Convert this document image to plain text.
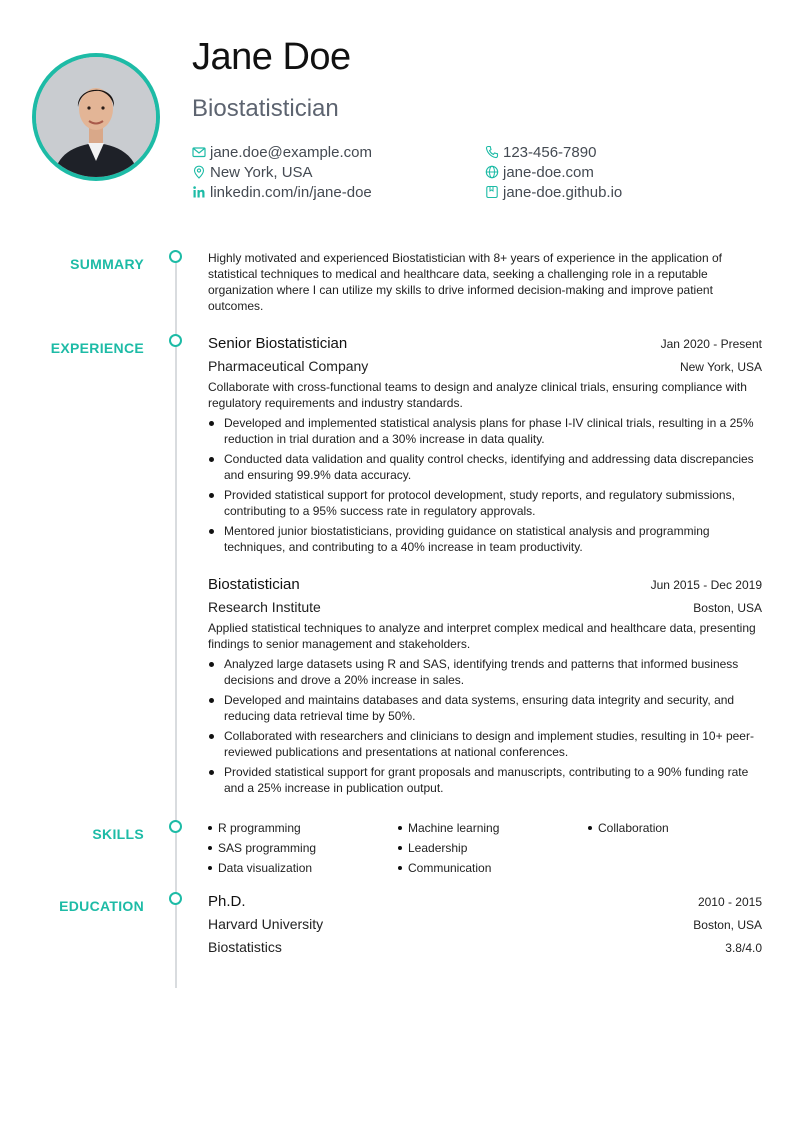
Jane Doe
Biostatistician
jane.doe@example.com	123-456-7890
New York, USA	jane-doe.com
linkedin.com/in/jane-doe	jane-doe.github.io
SUMMARY	Highly motivated and experienced Biostatistician with 8+ years of experience in the application of statistical techniques to medical and healthcare data, seeking a challenging role in a reputable organization where I can utilize my skills to drive informed decision-making and improve patient outcomes.
EXPERIENCE	Senior Biostatistician	Jan 2020 - Present
Pharmaceutical Company	New York, USA
Collaborate with cross-functional teams to design and analyze clinical trials, ensuring compliance with regulatory requirements and industry standards.
Developed and implemented statistical analysis plans for phase I-IV clinical trials, resulting in a 25% reduction in trial duration and a 30% increase in data quality.
Conducted data validation and quality control checks, identifying and addressing data discrepancies and ensuring 99.9% data accuracy.
Provided statistical support for protocol development, study reports, and regulatory submissions, contributing to a 95% success rate in regulatory approvals.
Mentored junior biostatisticians, providing guidance on statistical analysis and programming techniques, and contributing to a 40% increase in team productivity.
Biostatistician	Jun 2015 - Dec 2019
Research Institute	Boston, USA
Applied statistical techniques to analyze and interpret complex medical and healthcare data, presenting findings to senior management and stakeholders.
Analyzed large datasets using R and SAS, identifying trends and patterns that informed business decisions and drove a 20% increase in sales.
Developed and maintains databases and data systems, ensuring data integrity and security, and reducing data retrieval time by 50%.
Collaborated with researchers and clinicians to design and implement studies, resulting in 10+ peer-reviewed publications and presentations at national conferences.
Provided statistical support for grant proposals and manuscripts, contributing to a 90% funding rate and a 25% increase in publication output.
SKILLS	R programming	Machine learning	Collaboration
SAS programming	Leadership
Data visualization	Communication
EDUCATION	Ph.D.	2010 - 2015
Harvard University	Boston, USA
Biostatistics	3.8/4.0
